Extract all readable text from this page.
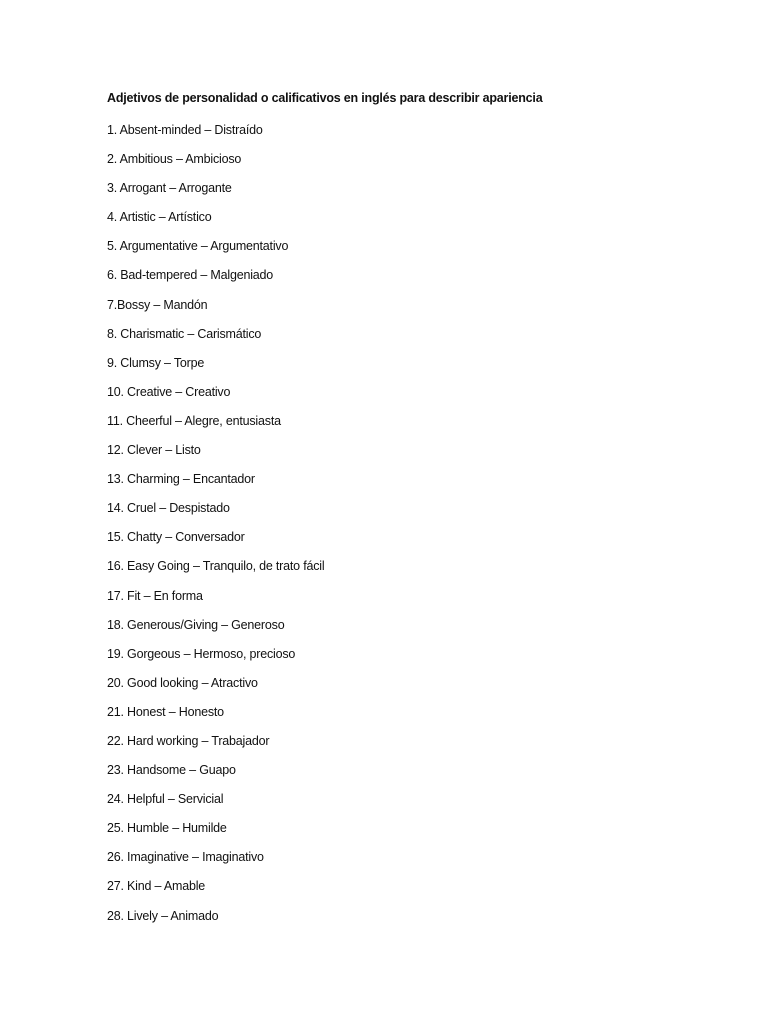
Adjetivos de personalidad o calificativos en inglés para describir apariencia
1. Absent-minded – Distraído
2. Ambitious – Ambicioso
3. Arrogant – Arrogante
4. Artistic – Artístico
5. Argumentative – Argumentativo
6. Bad-tempered – Malgeniado
7.Bossy – Mandón
8. Charismatic – Carismático
9. Clumsy – Torpe
10. Creative – Creativo
11. Cheerful – Alegre, entusiasta
12. Clever – Listo
13. Charming – Encantador
14. Cruel – Despistado
15. Chatty – Conversador
16. Easy Going – Tranquilo, de trato fácil
17. Fit – En forma
18. Generous/Giving – Generoso
19. Gorgeous – Hermoso, precioso
20. Good looking – Atractivo
21. Honest – Honesto
22. Hard working – Trabajador
23. Handsome – Guapo
24. Helpful – Servicial
25. Humble – Humilde
26. Imaginative – Imaginativo
27. Kind – Amable
28. Lively – Animado
